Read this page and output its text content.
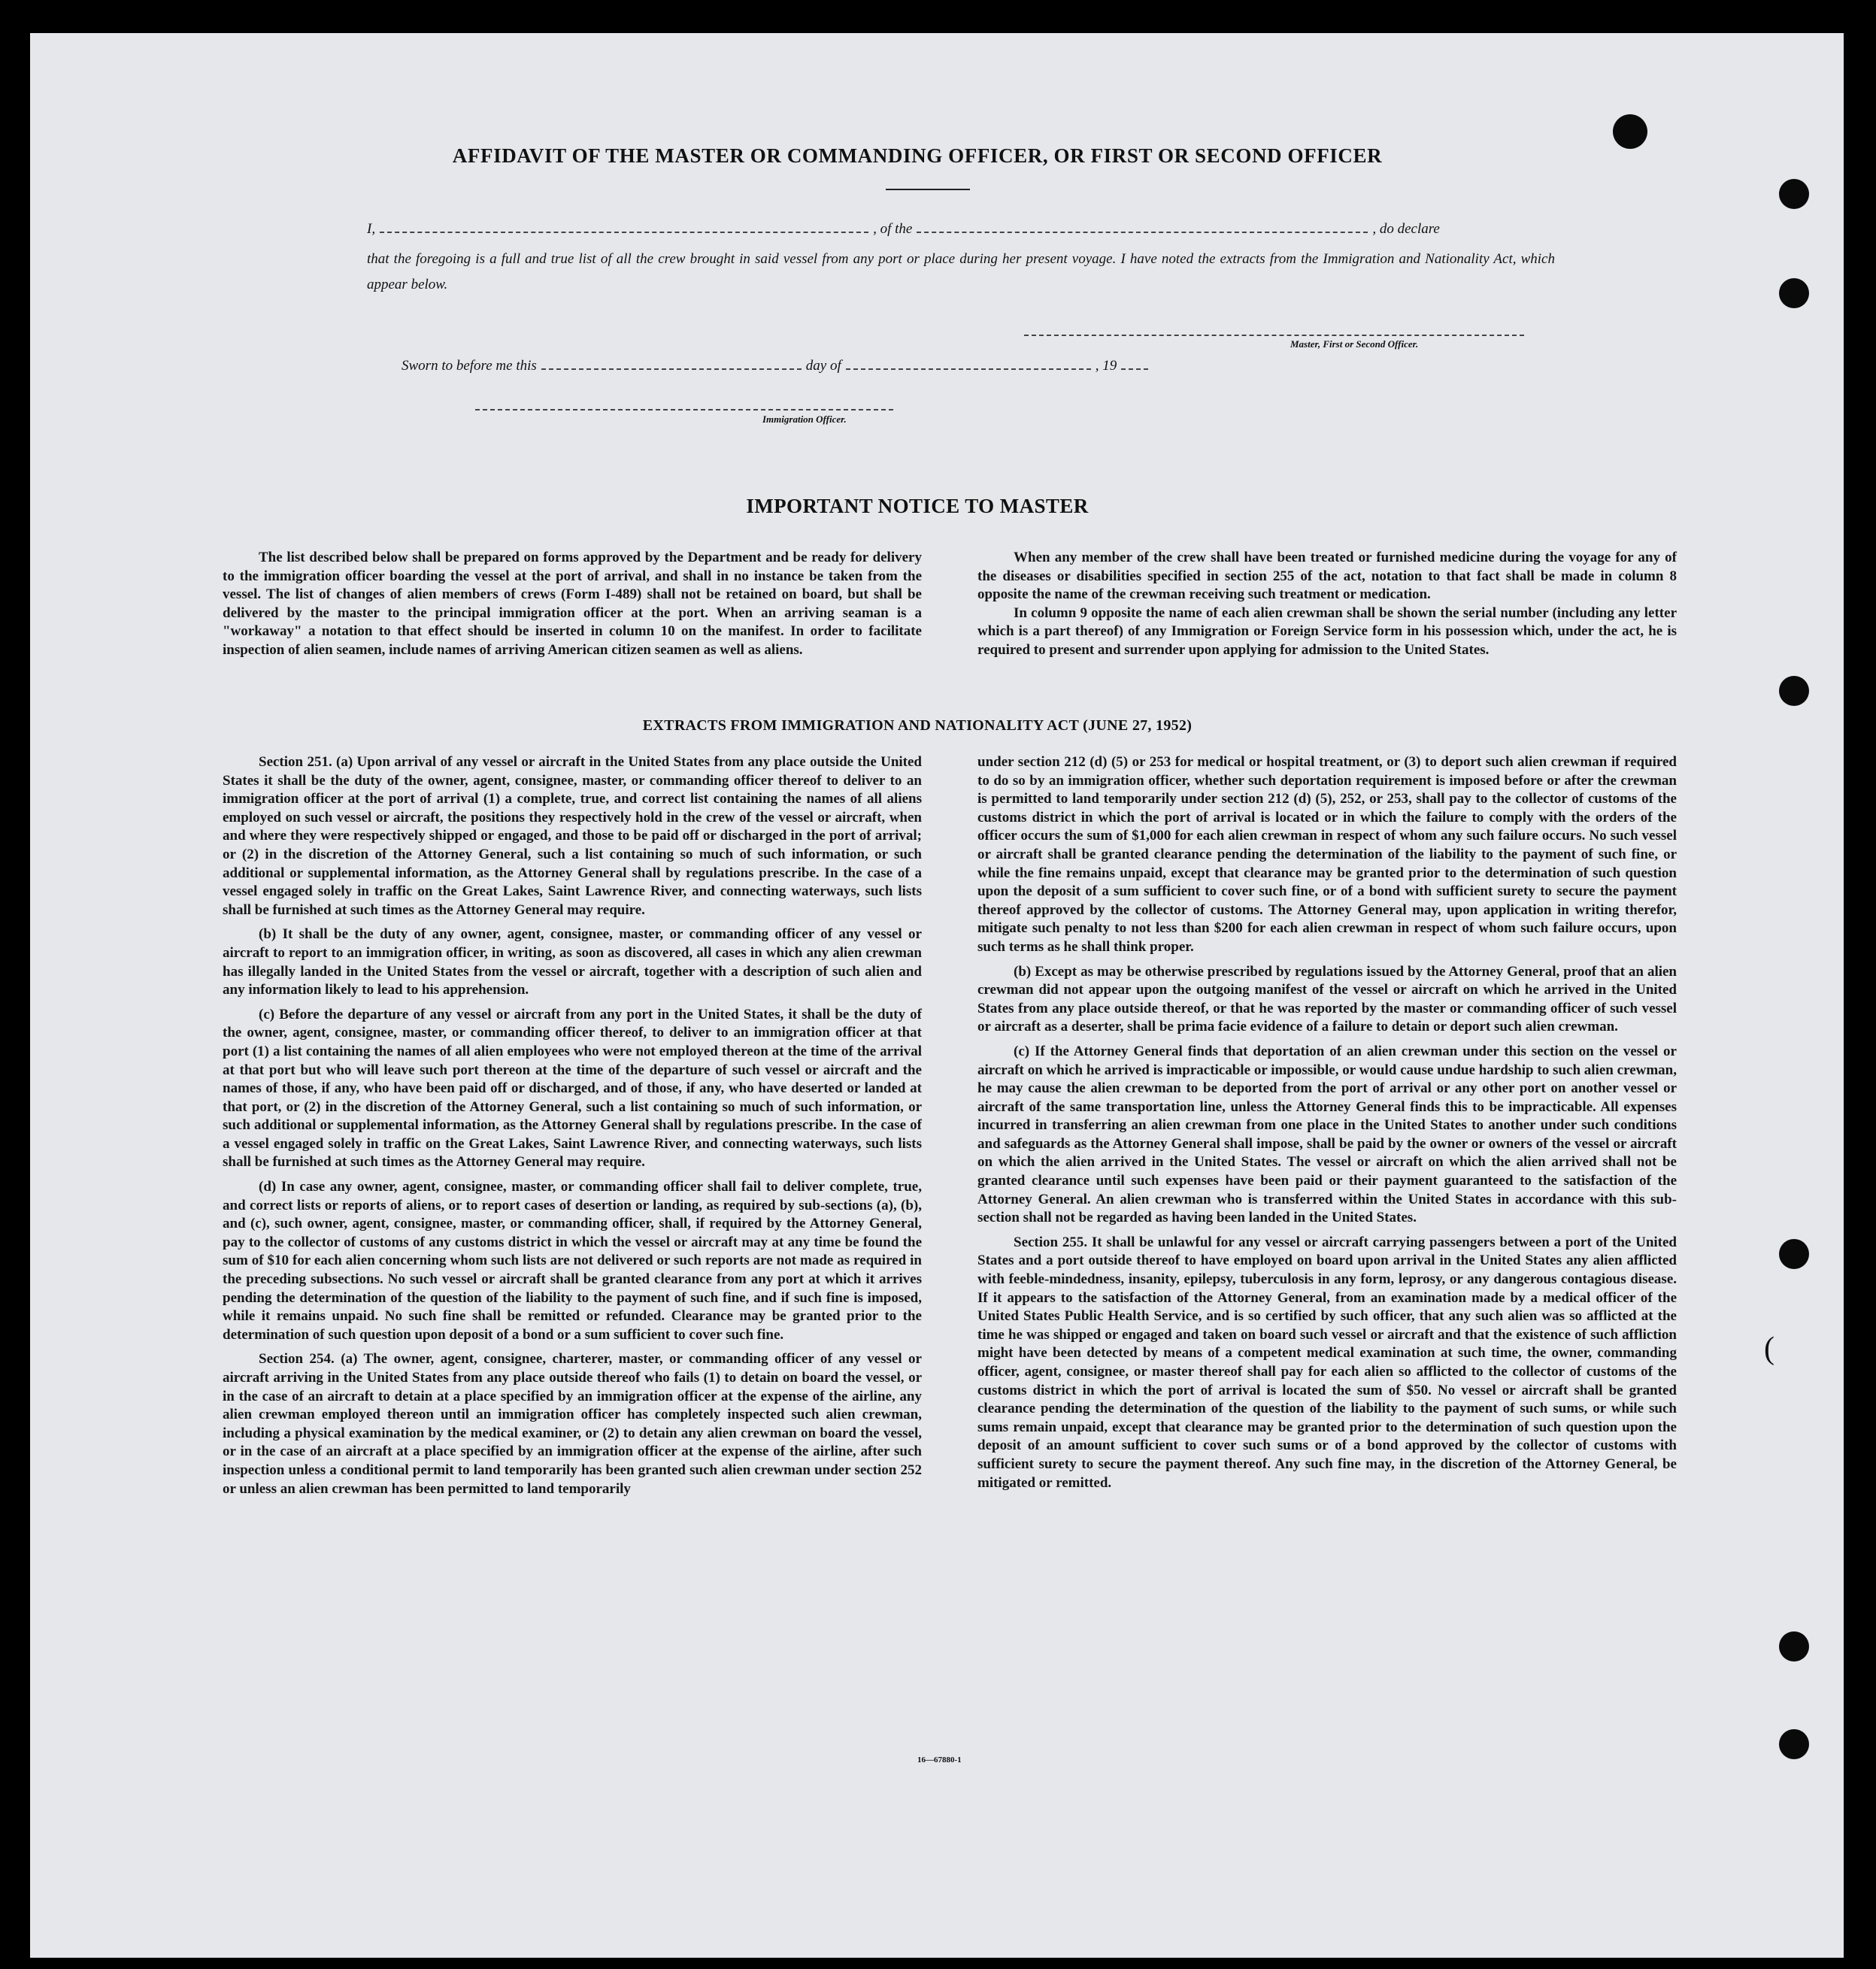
(
AFFIDAVIT OF THE MASTER OR COMMANDING OFFICER, OR FIRST OR SECOND OFFICER
I,	, of the	, do declare
that the foregoing is a full and true list of all the crew brought in said vessel from any port or place during her present voyage. I have noted the extracts from the Immigration and Nationality Act, which appear below.
Master, First or Second Officer.
Sworn to before me this	day of	, 19
Immigration Officer.
IMPORTANT NOTICE TO MASTER

The list described below shall be prepared on forms approved by the Department and be ready for delivery to the immigration officer boarding the vessel at the port of arrival, and shall in no instance be taken from the vessel. The list of changes of alien members of crews (Form I-489) shall not be retained on board, but shall be delivered by the master to the principal immigration officer at the port. When an arriving seaman is a "workaway" a notation to that effect should be inserted in column 10 on the manifest. In order to facilitate inspection of alien seamen, include names of arriving American citizen seamen as well as aliens.

When any member of the crew shall have been treated or furnished medicine during the voyage for any of the diseases or disabilities specified in section 255 of the act, notation to that fact shall be made in column 8 opposite the name of the crewman receiving such treatment or medication.

In column 9 opposite the name of each alien crewman shall be shown the serial number (including any letter which is a part thereof) of any Immigration or Foreign Service form in his possession which, under the act, he is required to present and surrender upon applying for admission to the United States.

EXTRACTS FROM IMMIGRATION AND NATIONALITY ACT (JUNE 27, 1952)

Section 251. (a) Upon arrival of any vessel or aircraft in the United States from any place outside the United States it shall be the duty of the owner, agent, consignee, master, or commanding officer thereof to deliver to an immigration officer at the port of arrival (1) a complete, true, and correct list containing the names of all aliens employed on such vessel or aircraft, the positions they respectively hold in the crew of the vessel or aircraft, when and where they were respectively shipped or engaged, and those to be paid off or discharged in the port of arrival; or (2) in the discretion of the Attorney General, such a list containing so much of such information, or such additional or supplemental information, as the Attorney General shall by regulations prescribe. In the case of a vessel engaged solely in traffic on the Great Lakes, Saint Lawrence River, and connecting waterways, such lists shall be furnished at such times as the Attorney General may require.

(b) It shall be the duty of any owner, agent, consignee, master, or commanding officer of any vessel or aircraft to report to an immigration officer, in writing, as soon as discovered, all cases in which any alien crewman has illegally landed in the United States from the vessel or aircraft, together with a description of such alien and any information likely to lead to his apprehension.

(c) Before the departure of any vessel or aircraft from any port in the United States, it shall be the duty of the owner, agent, consignee, master, or commanding officer thereof, to deliver to an immigration officer at that port (1) a list containing the names of all alien employees who were not employed thereon at the time of the arrival at that port but who will leave such port thereon at the time of the departure of such vessel or aircraft and the names of those, if any, who have been paid off or discharged, and of those, if any, who have deserted or landed at that port, or (2) in the discretion of the Attorney General, such a list containing so much of such information, or such additional or supplemental information, as the Attorney General shall by regulations prescribe. In the case of a vessel engaged solely in traffic on the Great Lakes, Saint Lawrence River, and connecting waterways, such lists shall be furnished at such times as the Attorney General may require.

(d) In case any owner, agent, consignee, master, or commanding officer shall fail to deliver complete, true, and correct lists or reports of aliens, or to report cases of desertion or landing, as required by sub-sections (a), (b), and (c), such owner, agent, consignee, master, or commanding officer, shall, if required by the Attorney General, pay to the collector of customs of any customs district in which the vessel or aircraft may at any time be found the sum of $10 for each alien concerning whom such lists are not delivered or such reports are not made as required in the preceding subsections. No such vessel or aircraft shall be granted clearance from any port at which it arrives pending the determination of the question of the liability to the payment of such fine, and if such fine is imposed, while it remains unpaid. No such fine shall be remitted or refunded. Clearance may be granted prior to the determination of such question upon deposit of a bond or a sum sufficient to cover such fine.

Section 254. (a) The owner, agent, consignee, charterer, master, or commanding officer of any vessel or aircraft arriving in the United States from any place outside thereof who fails (1) to detain on board the vessel, or in the case of an aircraft to detain at a place specified by an immigration officer at the expense of the airline, any alien crewman employed thereon until an immigration officer has completely inspected such alien crewman, including a physical examination by the medical examiner, or (2) to detain any alien crewman on board the vessel, or in the case of an aircraft at a place specified by an immigration officer at the expense of the airline, after such inspection unless a conditional permit to land temporarily has been granted such alien crewman under section 252 or unless an alien crewman has been permitted to land temporarily

under section 212 (d) (5) or 253 for medical or hospital treatment, or (3) to deport such alien crewman if required to do so by an immigration officer, whether such deportation requirement is imposed before or after the crewman is permitted to land temporarily under section 212 (d) (5), 252, or 253, shall pay to the collector of customs of the customs district in which the port of arrival is located or in which the failure to comply with the orders of the officer occurs the sum of $1,000 for each alien crewman in respect of whom any such failure occurs. No such vessel or aircraft shall be granted clearance pending the determination of the liability to the payment of such fine, or while the fine remains unpaid, except that clearance may be granted prior to the determination of such question upon the deposit of a sum sufficient to cover such fine, or of a bond with sufficient surety to secure the payment thereof approved by the collector of customs. The Attorney General may, upon application in writing therefor, mitigate such penalty to not less than $200 for each alien crewman in respect of whom such failure occurs, upon such terms as he shall think proper.

(b) Except as may be otherwise prescribed by regulations issued by the Attorney General, proof that an alien crewman did not appear upon the outgoing manifest of the vessel or aircraft on which he arrived in the United States from any place outside thereof, or that he was reported by the master or commanding officer of such vessel or aircraft as a deserter, shall be prima facie evidence of a failure to detain or deport such alien crewman.

(c) If the Attorney General finds that deportation of an alien crewman under this section on the vessel or aircraft on which he arrived is impracticable or impossible, or would cause undue hardship to such alien crewman, he may cause the alien crewman to be deported from the port of arrival or any other port on another vessel or aircraft of the same transportation line, unless the Attorney General finds this to be impracticable. All expenses incurred in transferring an alien crewman from one place in the United States to another under such conditions and safeguards as the Attorney General shall impose, shall be paid by the owner or owners of the vessel or aircraft on which the alien arrived in the United States. The vessel or aircraft on which the alien arrived shall not be granted clearance until such expenses have been paid or their payment guaranteed to the satisfaction of the Attorney General. An alien crewman who is transferred within the United States in accordance with this sub-section shall not be regarded as having been landed in the United States.

Section 255. It shall be unlawful for any vessel or aircraft carrying passengers between a port of the United States and a port outside thereof to have employed on board upon arrival in the United States any alien afflicted with feeble-mindedness, insanity, epilepsy, tuberculosis in any form, leprosy, or any dangerous contagious disease. If it appears to the satisfaction of the Attorney General, from an examination made by a medical officer of the United States Public Health Service, and is so certified by such officer, that any such alien was so afflicted at the time he was shipped or engaged and taken on board such vessel or aircraft and that the existence of such affliction might have been detected by means of a competent medical examination at such time, the owner, commanding officer, agent, consignee, or master thereof shall pay for each alien so afflicted to the collector of customs of the customs district in which the port of arrival is located the sum of $50. No vessel or aircraft shall be granted clearance pending the determination of the question of the liability to the payment of such sums, or while such sums remain unpaid, except that clearance may be granted prior to the determination of such question upon the deposit of an amount sufficient to cover such sums or of a bond approved by the collector of customs with sufficient surety to secure the payment thereof. Any such fine may, in the discretion of the Attorney General, be mitigated or remitted.

16—67880-1
